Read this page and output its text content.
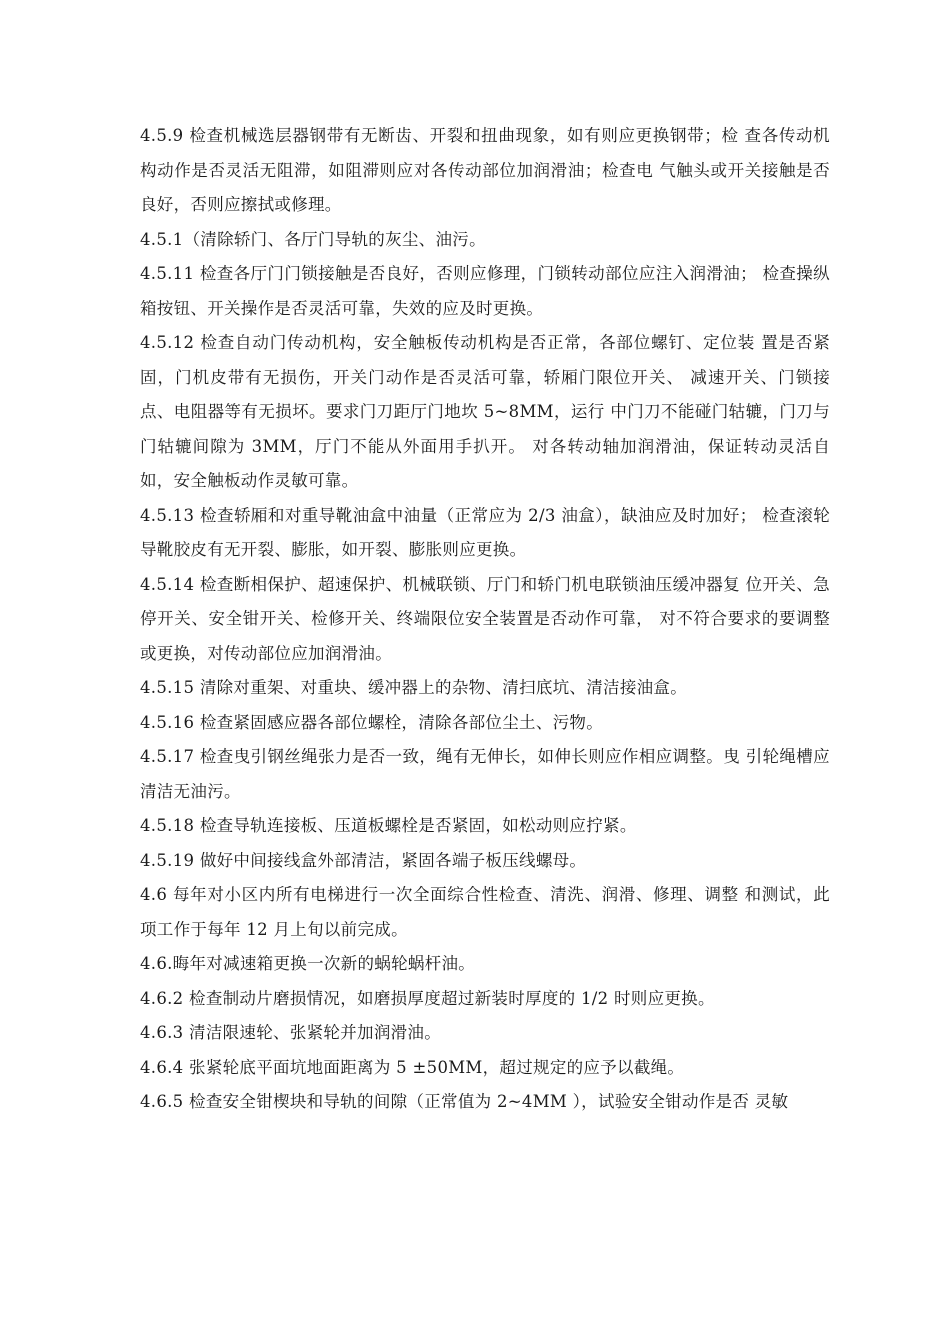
4.5.9 检查机械选层器钢带有无断齿、开裂和扭曲现象，如有则应更换钢带；检 查各传动机构动作是否灵活无阻滞，如阻滞则应对各传动部位加润滑油；检查电 气触头或开关接触是否良好，否则应擦拭或修理。

4.5.1（清除轿门、各厅门导轨的灰尘、油污。

4.5.11 检查各厅门门锁接触是否良好，否则应修理，门锁转动部位应注入润滑油； 检查操纵箱按钮、开关操作是否灵活可靠，失效的应及时更换。

4.5.12 检查自动门传动机构，安全触板传动机构是否正常，各部位螺钉、定位装 置是否紧固，门机皮带有无损伤，开关门动作是否灵活可靠，轿厢门限位开关、 减速开关、门锁接点、电阻器等有无损坏。要求门刀距厅门地坎 5~8MM，运行 中门刀不能碰门轱辘，门刀与门轱辘间隙为 3MM，厅门不能从外面用手扒开。 对各转动轴加润滑油，保证转动灵活自如，安全触板动作灵敏可靠。

4.5.13 检查轿厢和对重导靴油盒中油量（正常应为 2/3 油盒），缺油应及时加好； 检查滚轮导靴胶皮有无开裂、膨胀，如开裂、膨胀则应更换。

4.5.14 检查断相保护、超速保护、机械联锁、厅门和轿门机电联锁油压缓冲器复 位开关、急停开关、安全钳开关、检修开关、终端限位安全装置是否动作可靠， 对不符合要求的要调整或更换，对传动部位应加润滑油。

4.5.15 清除对重架、对重块、缓冲器上的杂物、清扫底坑、清洁接油盒。

4.5.16 检查紧固感应器各部位螺栓，清除各部位尘土、污物。

4.5.17 检查曳引钢丝绳张力是否一致，绳有无伸长，如伸长则应作相应调整。曳 引轮绳槽应清洁无油污。

4.5.18 检查导轨连接板、压道板螺栓是否紧固，如松动则应拧紧。

4.5.19 做好中间接线盒外部清洁，紧固各端子板压线螺母。

4.6 每年对小区内所有电梯进行一次全面综合性检查、清洗、润滑、修理、调整 和测试，此项工作于每年 12 月上旬以前完成。

4.6.晦年对减速箱更换一次新的蜗轮蜗杆油。

4.6.2 检查制动片磨损情况，如磨损厚度超过新装时厚度的 1/2 时则应更换。

4.6.3 清洁限速轮、张紧轮并加润滑油。

4.6.4 张紧轮底平面坑地面距离为 5 ±50MM，超过规定的应予以截绳。

4.6.5 检查安全钳楔块和导轨的间隙（正常值为 2~4MM ），试验安全钳动作是否 灵敏
